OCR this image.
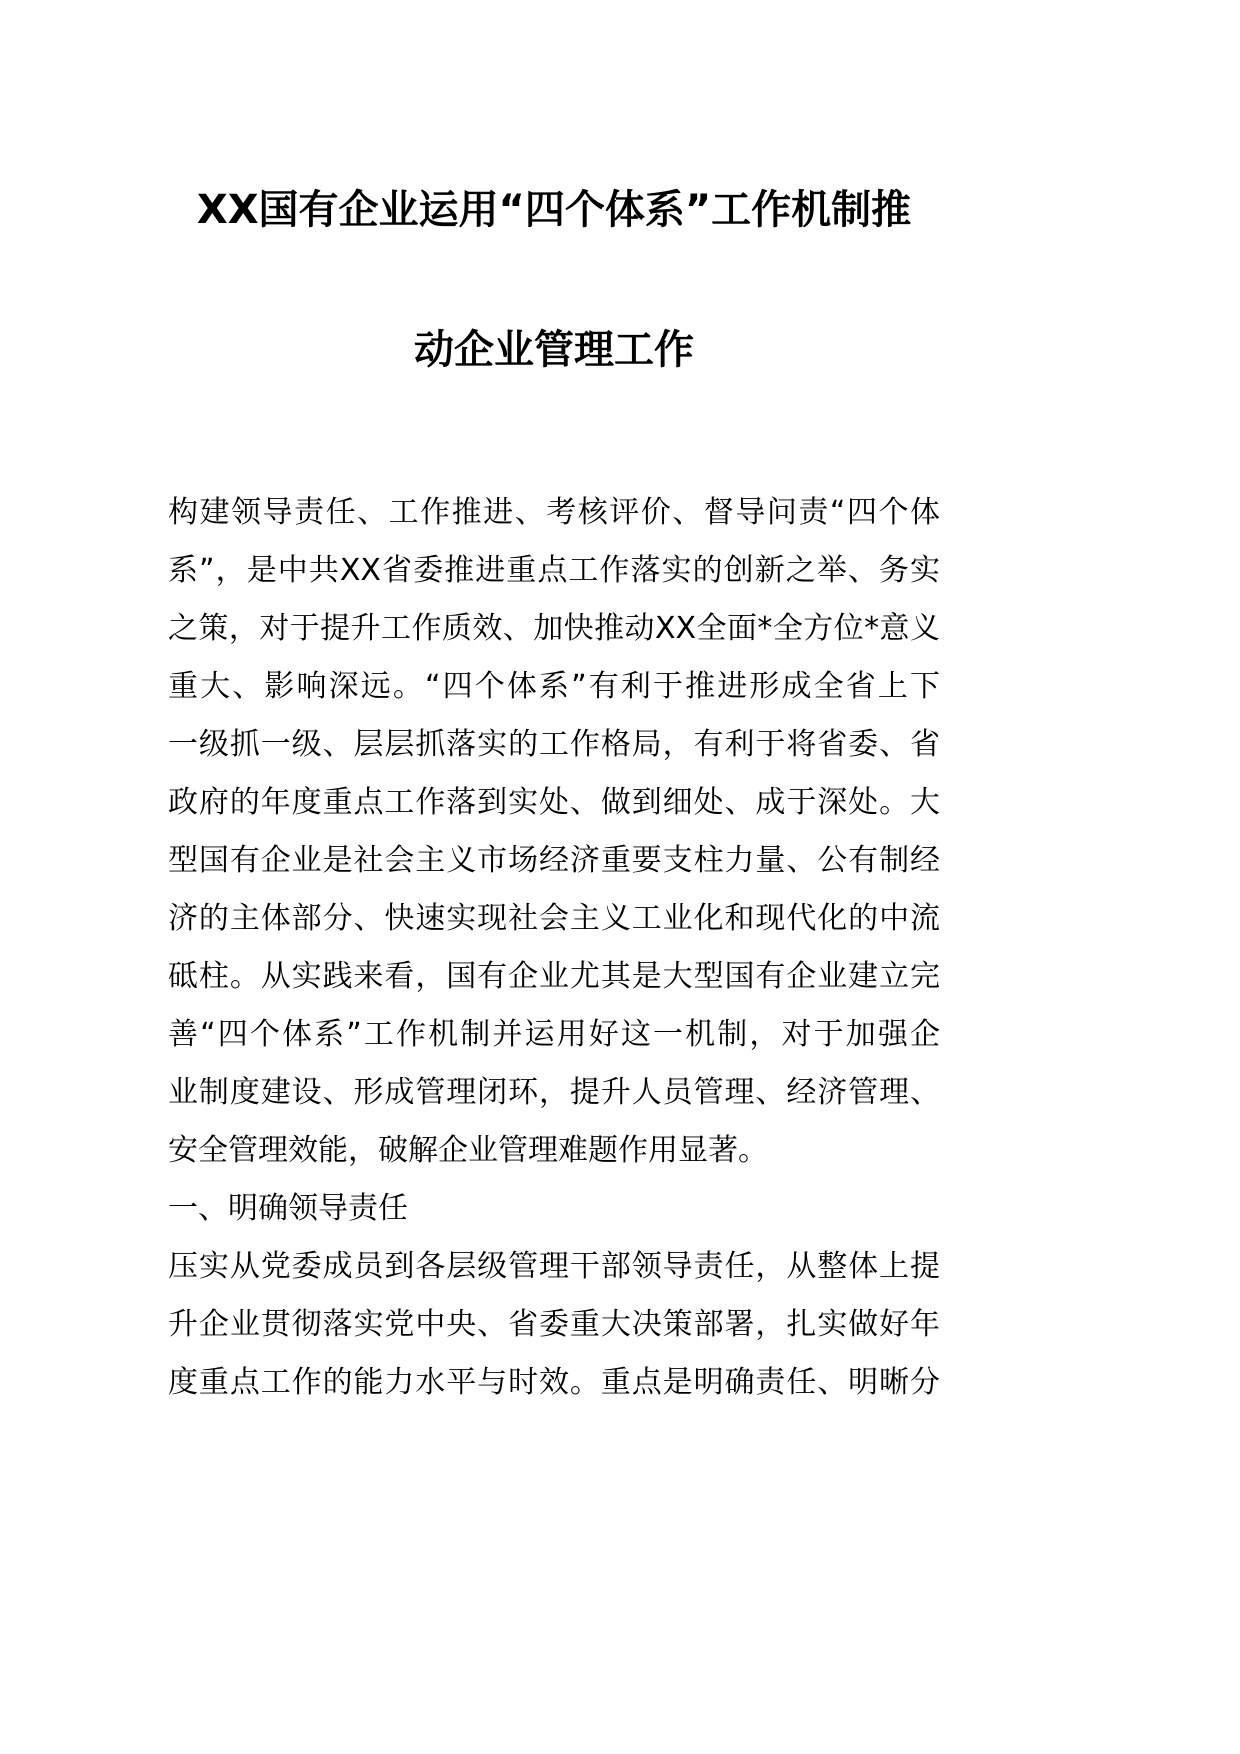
XX国有企业运用“四个体系”工作机制推
动企业管理工作
构建领导责任、工作推进、考核评价、督导问责“四个体
系”，是中共XX省委推进重点工作落实的创新之举、务实
之策，对于提升工作质效、加快推动XX全面*全方位*意义
重大、影响深远。“四个体系”有利于推进形成全省上下
一级抓一级、层层抓落实的工作格局，有利于将省委、省
政府的年度重点工作落到实处、做到细处、成于深处。大
型国有企业是社会主义市场经济重要支柱力量、公有制经
济的主体部分、快速实现社会主义工业化和现代化的中流
砥柱。从实践来看，国有企业尤其是大型国有企业建立完
善“四个体系”工作机制并运用好这一机制，对于加强企
业制度建设、形成管理闭环，提升人员管理、经济管理、
安全管理效能，破解企业管理难题作用显著。
一、明确领导责任
压实从党委成员到各层级管理干部领导责任，从整体上提
升企业贯彻落实党中央、省委重大决策部署，扎实做好年
度重点工作的能力水平与时效。重点是明确责任、明晰分
